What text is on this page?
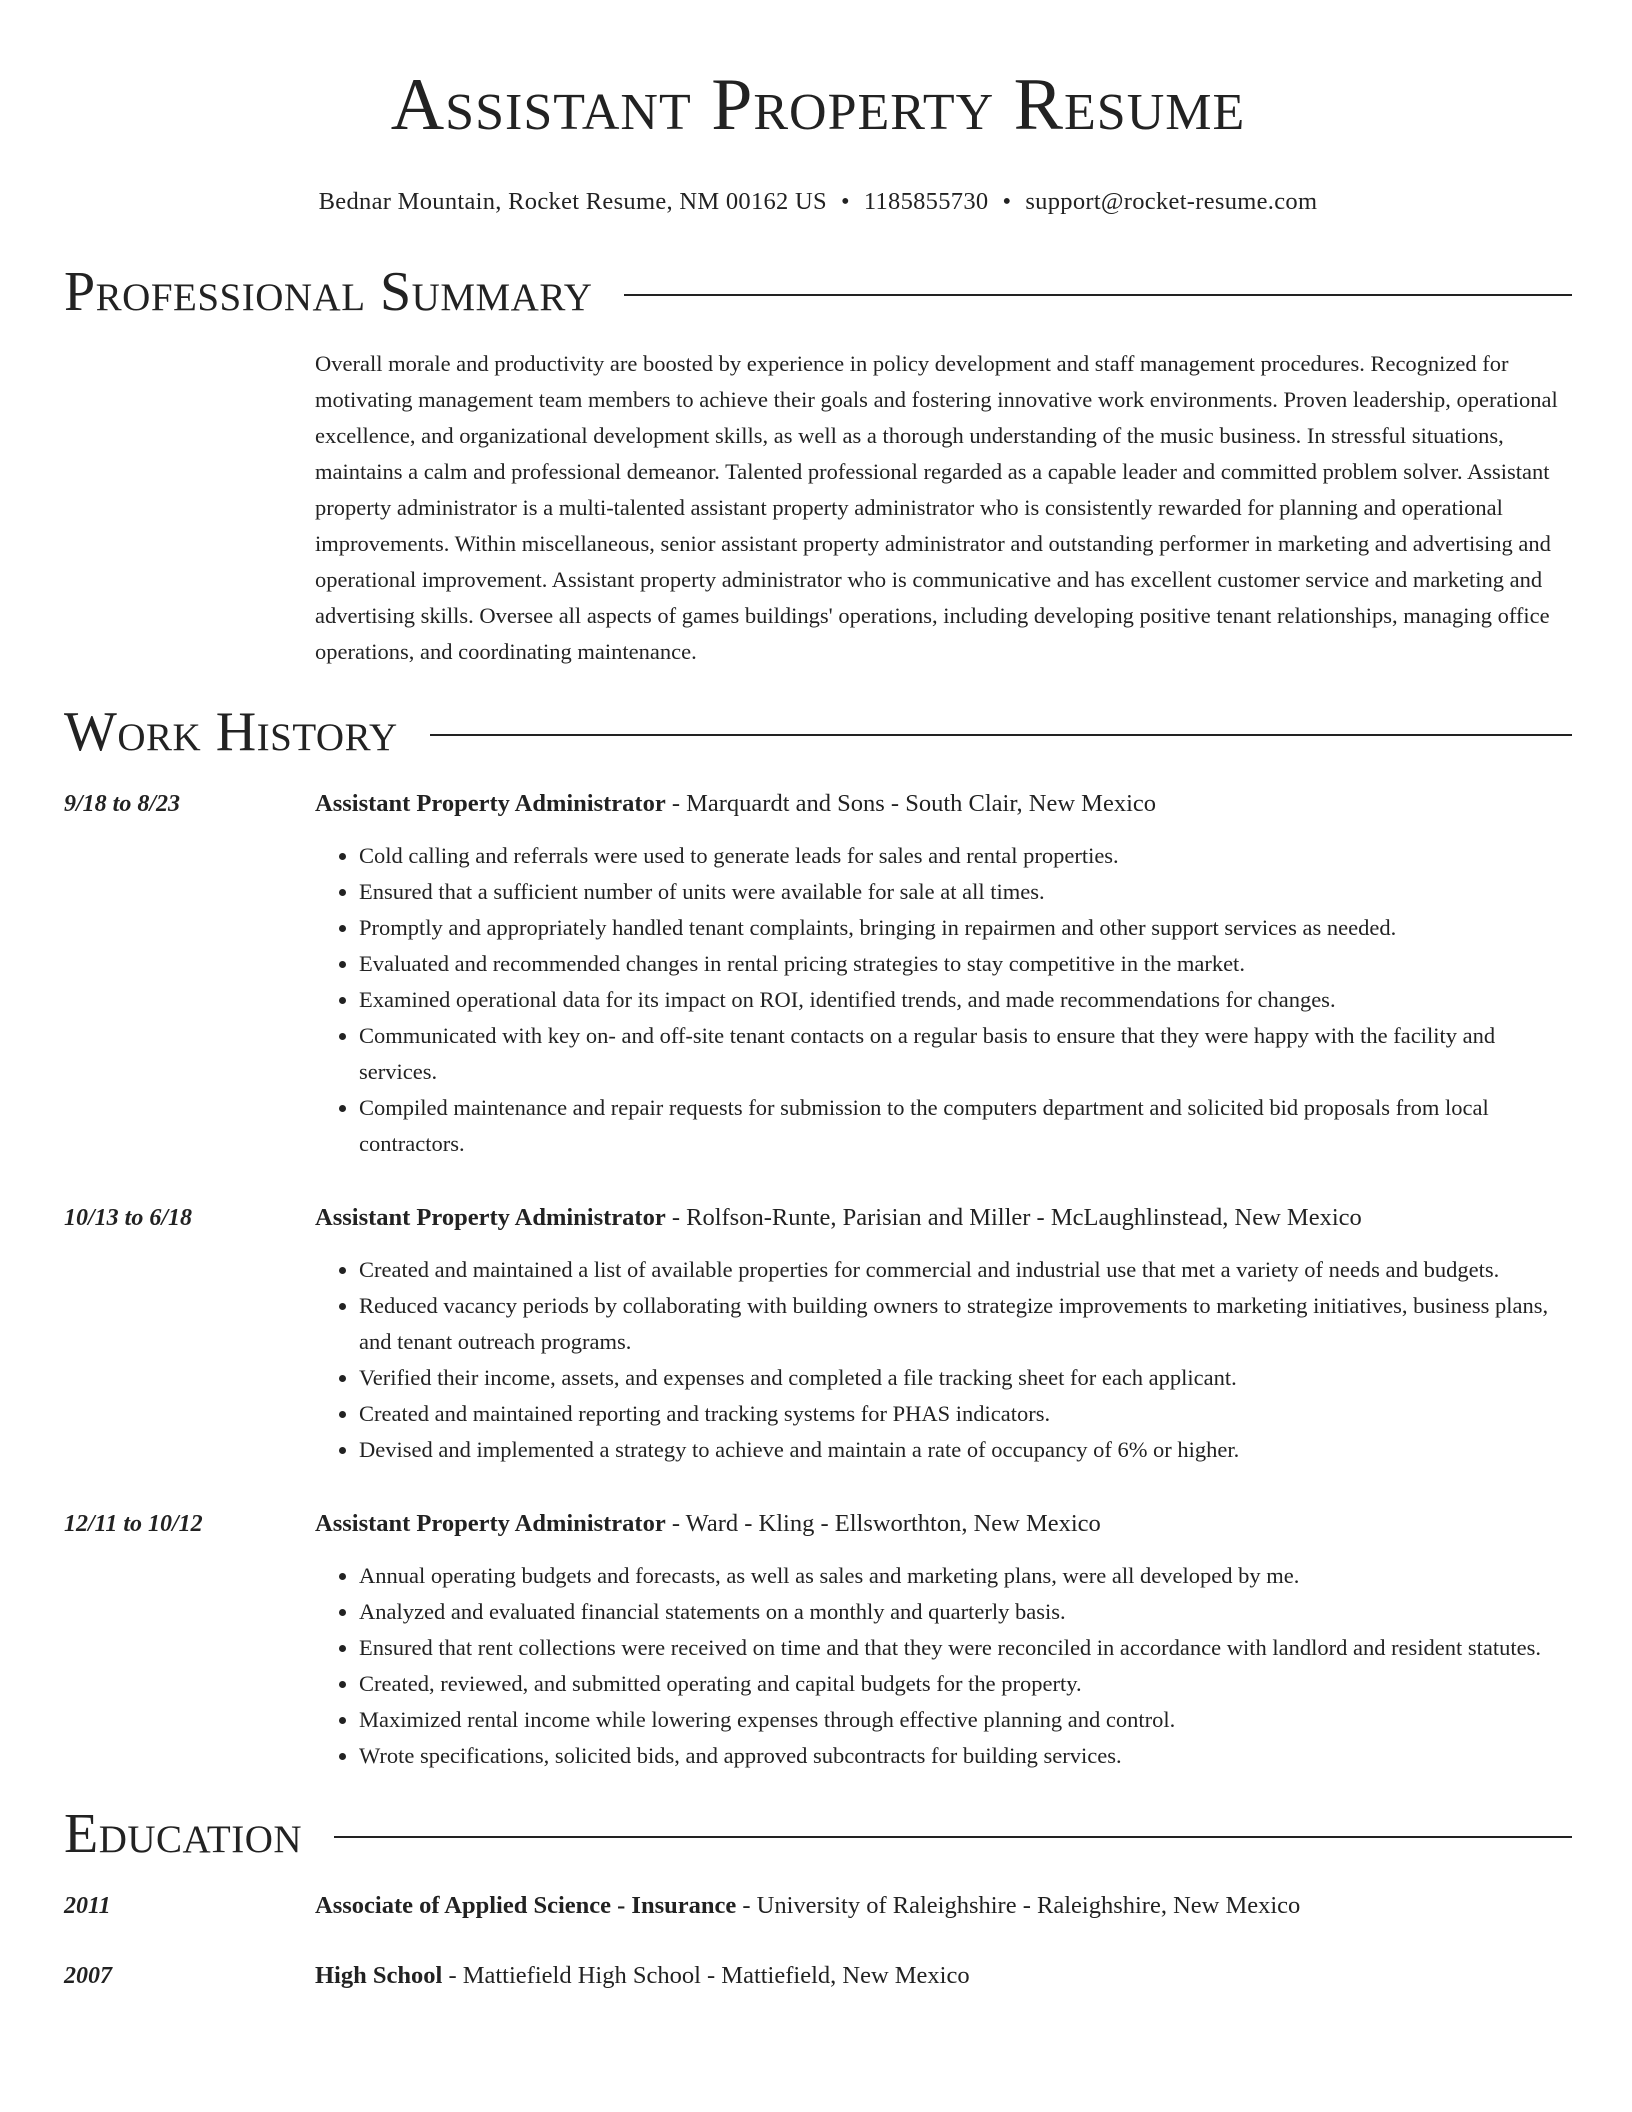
Assistant Property Resume
Bednar Mountain, Rocket Resume, NM 00162 US • 1185855730 • support@rocket-resume.com
Professional Summary
Overall morale and productivity are boosted by experience in policy development and staff management procedures. Recognized for motivating management team members to achieve their goals and fostering innovative work environments. Proven leadership, operational excellence, and organizational development skills, as well as a thorough understanding of the music business. In stressful situations, maintains a calm and professional demeanor. Talented professional regarded as a capable leader and committed problem solver. Assistant property administrator is a multi-talented assistant property administrator who is consistently rewarded for planning and operational improvements. Within miscellaneous, senior assistant property administrator and outstanding performer in marketing and advertising and operational improvement. Assistant property administrator who is communicative and has excellent customer service and marketing and advertising skills. Oversee all aspects of games buildings' operations, including developing positive tenant relationships, managing office operations, and coordinating maintenance.
Work History
9/18 to 8/23	Assistant Property Administrator - Marquardt and Sons - South Clair, New Mexico
• Cold calling and referrals were used to generate leads for sales and rental properties.
• Ensured that a sufficient number of units were available for sale at all times.
• Promptly and appropriately handled tenant complaints, bringing in repairmen and other support services as needed.
• Evaluated and recommended changes in rental pricing strategies to stay competitive in the market.
• Examined operational data for its impact on ROI, identified trends, and made recommendations for changes.
• Communicated with key on- and off-site tenant contacts on a regular basis to ensure that they were happy with the facility and services.
• Compiled maintenance and repair requests for submission to the computers department and solicited bid proposals from local contractors.
10/13 to 6/18	Assistant Property Administrator - Rolfson-Runte, Parisian and Miller - McLaughlinstead, New Mexico
• Created and maintained a list of available properties for commercial and industrial use that met a variety of needs and budgets.
• Reduced vacancy periods by collaborating with building owners to strategize improvements to marketing initiatives, business plans, and tenant outreach programs.
• Verified their income, assets, and expenses and completed a file tracking sheet for each applicant.
• Created and maintained reporting and tracking systems for PHAS indicators.
• Devised and implemented a strategy to achieve and maintain a rate of occupancy of 6% or higher.
12/11 to 10/12	Assistant Property Administrator - Ward - Kling - Ellsworthton, New Mexico
• Annual operating budgets and forecasts, as well as sales and marketing plans, were all developed by me.
• Analyzed and evaluated financial statements on a monthly and quarterly basis.
• Ensured that rent collections were received on time and that they were reconciled in accordance with landlord and resident statutes.
• Created, reviewed, and submitted operating and capital budgets for the property.
• Maximized rental income while lowering expenses through effective planning and control.
• Wrote specifications, solicited bids, and approved subcontracts for building services.
Education
2011	Associate of Applied Science - Insurance - University of Raleighshire - Raleighshire, New Mexico
2007	High School - Mattiefield High School - Mattiefield, New Mexico
